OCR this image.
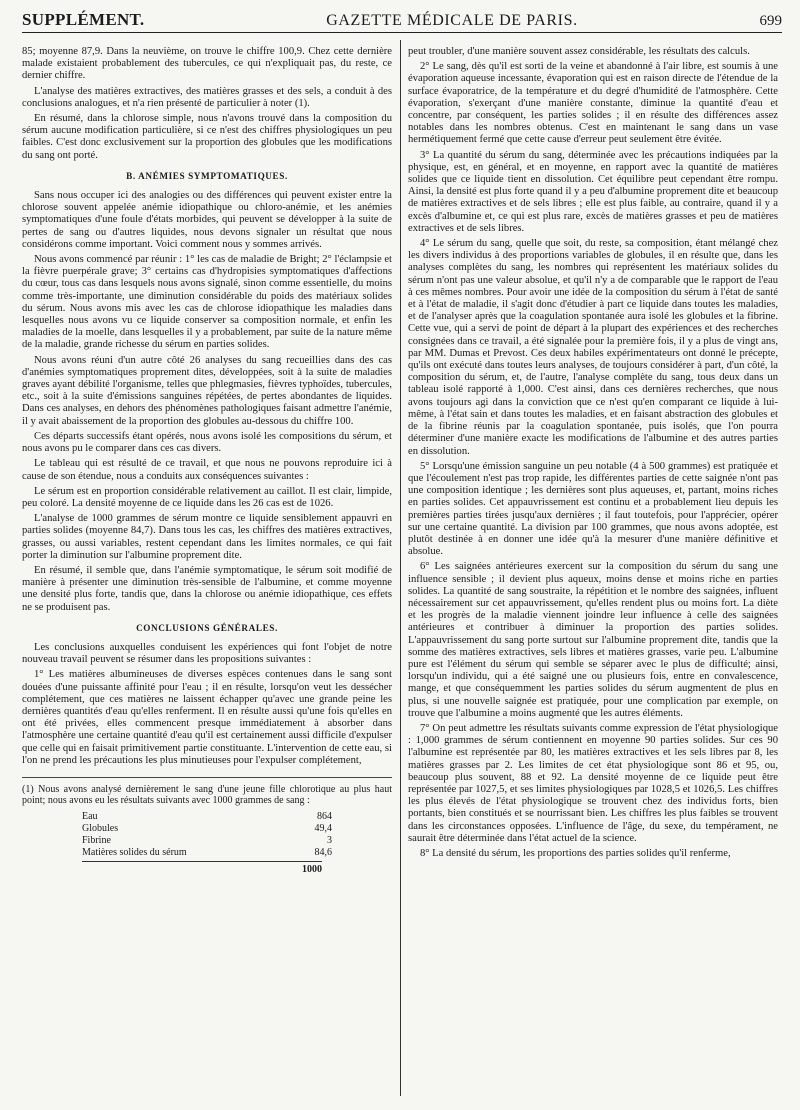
SUPPLÉMENT.	GAZETTE MÉDICALE DE PARIS.	699

85; moyenne 87,9. Dans la neuvième, on trouve le chiffre 100,9. Chez cette dernière malade existaient probablement des tubercules, ce qui n'expliquait pas, du reste, ce dernier chiffre.

L'analyse des matières extractives, des matières grasses et des sels, a conduit à des conclusions analogues, et n'a rien présenté de particulier à noter (1).

En résumé, dans la chlorose simple, nous n'avons trouvé dans la composition du sérum aucune modification particulière, si ce n'est des chiffres physiologiques un peu faibles. C'est donc exclusivement sur la proportion des globules que les modifications du sang ont porté.

B. ANÉMIES SYMPTOMATIQUES.

Sans nous occuper ici des analogies ou des différences qui peuvent exister entre la chlorose souvent appelée anémie idiopathique ou chloro-anémie, et les anémies symptomatiques d'une foule d'états morbides, qui peuvent se développer à la suite de pertes de sang ou d'autres liquides, nous devons signaler un résultat que nous considérons comme important. Voici comment nous y sommes arrivés.

Nous avons commencé par réunir : 1° les cas de maladie de Bright; 2° l'éclampsie et la fièvre puerpérale grave; 3° certains cas d'hydropisies symptomatiques d'affections du cœur, tous cas dans lesquels nous avons signalé, sinon comme essentielle, du moins comme très-importante, une diminution considérable du poids des matériaux solides du sérum. Nous avons mis avec les cas de chlorose idiopathique les maladies dans lesquelles nous avons vu ce liquide conserver sa composition normale, et enfin les maladies de la moelle, dans lesquelles il y a probablement, par suite de la nature même de la maladie, grande richesse du sérum en parties solides.

Nous avons réuni d'un autre côté 26 analyses du sang recueillies dans des cas d'anémies symptomatiques proprement dites, développées, soit à la suite de maladies graves ayant débilité l'organisme, telles que phlegmasies, fièvres typhoïdes, tubercules, etc., soit à la suite d'émissions sanguines répétées, de pertes abondantes de liquides. Dans ces analyses, en dehors des phénomènes pathologiques faisant admettre l'anémie, il y avait abaissement de la proportion des globules au-dessous du chiffre 100.

Ces départs successifs étant opérés, nous avons isolé les compositions du sérum, et nous avons pu le comparer dans ces cas divers.

Le tableau qui est résulté de ce travail, et que nous ne pouvons reproduire ici à cause de son étendue, nous a conduits aux conséquences suivantes :

Le sérum est en proportion considérable relativement au caillot. Il est clair, limpide, peu coloré. La densité moyenne de ce liquide dans les 26 cas est de 1026.

L'analyse de 1000 grammes de sérum montre ce liquide sensiblement appauvri en parties solides (moyenne 84,7). Dans tous les cas, les chiffres des matières extractives, grasses, ou aussi variables, restent cependant dans les limites normales, ce qui fait porter la diminution sur l'albumine proprement dite.

En résumé, il semble que, dans l'anémie symptomatique, le sérum soit modifié de manière à présenter une diminution très-sensible de l'albumine, et comme moyenne une densité plus forte, tandis que, dans la chlorose ou anémie idiopathique, ces effets ne se produisent pas.

CONCLUSIONS GÉNÉRALES.

Les conclusions auxquelles conduisent les expériences qui font l'objet de notre nouveau travail peuvent se résumer dans les propositions suivantes :

1° Les matières albumineuses de diverses espèces contenues dans le sang sont douées d'une puissante affinité pour l'eau ; il en résulte, lorsqu'on veut les dessécher complétement, que ces matières ne laissent échapper qu'avec une grande peine les dernières quantités d'eau qu'elles renferment. Il en résulte aussi qu'une fois qu'elles en ont été privées, elles commencent presque immédiatement à absorber dans l'atmosphère une certaine quantité d'eau qu'il est certainement aussi difficile d'expulser que celle qui en faisait primitivement partie constituante. L'intervention de cette eau, si l'on ne prend les précautions les plus minutieuses pour l'expulser complétement,

(1) Nous avons analysé dernièrement le sang d'une jeune fille chlorotique au plus haut point; nous avons eu les résultats suivants avec 1000 grammes de sang :

Eau	864
Globules	49,4
Fibrine	3
Matières solides du sérum	84,6
1000

peut troubler, d'une manière souvent assez considérable, les résultats des calculs.

2° Le sang, dès qu'il est sorti de la veine et abandonné à l'air libre, est soumis à une évaporation aqueuse incessante, évaporation qui est en raison directe de l'étendue de la surface évaporatrice, de la température et du degré d'humidité de l'atmosphère. Cette évaporation, s'exerçant d'une manière constante, diminue la quantité d'eau et concentre, par conséquent, les parties solides ; il en résulte des différences assez notables dans les nombres obtenus. C'est en maintenant le sang dans un vase hermétiquement fermé que cette cause d'erreur peut seulement être évitée.

3° La quantité du sérum du sang, déterminée avec les précautions indiquées par la physique, est, en général, et en moyenne, en rapport avec la quantité de matières solides que ce liquide tient en dissolution. Cet équilibre peut cependant être rompu. Ainsi, la densité est plus forte quand il y a peu d'albumine proprement dite et beaucoup de matières extractives et de sels libres ; elle est plus faible, au contraire, quand il y a excès d'albumine et, ce qui est plus rare, excès de matières grasses et peu de matières extractives et de sels libres.

4° Le sérum du sang, quelle que soit, du reste, sa composition, étant mélangé chez les divers individus à des proportions variables de globules, il en résulte que, dans les analyses complètes du sang, les nombres qui représentent les matériaux solides du sérum n'ont pas une valeur absolue, et qu'il n'y a de comparable que le rapport de l'eau à ces mêmes nombres. Pour avoir une idée de la composition du sérum à l'état de santé et à l'état de maladie, il s'agit donc d'étudier à part ce liquide dans toutes les maladies, et de l'analyser après que la coagulation spontanée aura isolé les globules et la fibrine. Cette vue, qui a servi de point de départ à la plupart des expériences et des recherches consignées dans ce travail, a été signalée pour la première fois, il y a plus de vingt ans, par MM. Dumas et Prevost. Ces deux habiles expérimentateurs ont donné le précepte, qu'ils ont exécuté dans toutes leurs analyses, de toujours considérer à part, d'un côté, la composition du sérum, et, de l'autre, l'analyse complète du sang, tous deux dans un tableau isolé rapporté à 1,000. C'est ainsi, dans ces dernières recherches, que nous avons toujours agi dans la conviction que ce n'est qu'en comparant ce liquide à lui-même, à l'état sain et dans toutes les maladies, et en faisant abstraction des globules et de la fibrine réunis par la coagulation spontanée, puis isolés, que l'on pourra déterminer d'une manière exacte les modifications de l'albumine et des autres parties en dissolution.

5° Lorsqu'une émission sanguine un peu notable (4 à 500 grammes) est pratiquée et que l'écoulement n'est pas trop rapide, les différentes parties de cette saignée n'ont pas une composition identique ; les dernières sont plus aqueuses, et, partant, moins riches en parties solides. Cet appauvrissement est continu et a probablement lieu depuis les premières parties tirées jusqu'aux dernières ; il faut toutefois, pour l'apprécier, opérer sur une certaine quantité. La division par 100 grammes, que nous avons adoptée, est plutôt destinée à en donner une idée qu'à la mesurer d'une manière définitive et absolue.

6° Les saignées antérieures exercent sur la composition du sérum du sang une influence sensible ; il devient plus aqueux, moins dense et moins riche en parties solides. La quantité de sang soustraite, la répétition et le nombre des saignées, influent nécessairement sur cet appauvrissement, qu'elles rendent plus ou moins fort. La diète et les progrès de la maladie viennent joindre leur influence à celle des saignées antérieures et contribuer à diminuer la proportion des parties solides. L'appauvrissement du sang porte surtout sur l'albumine proprement dite, tandis que la somme des matières extractives, sels libres et matières grasses, varie peu. L'albumine pure est l'élément du sérum qui semble se séparer avec le plus de difficulté; ainsi, lorsqu'un individu, qui a été saigné une ou plusieurs fois, entre en convalescence, mange, et que conséquemment les parties solides du sérum augmentent de plus en plus, si une nouvelle saignée est pratiquée, pour une complication par exemple, on trouve que l'albumine a moins augmenté que les autres éléments.

7° On peut admettre les résultats suivants comme expression de l'état physiologique : 1,000 grammes de sérum contiennent en moyenne 90 parties solides. Sur ces 90 l'albumine est représentée par 80, les matières extractives et les sels libres par 8, les matières grasses par 2. Les limites de cet état physiologique sont 86 et 95, ou, beaucoup plus souvent, 88 et 92. La densité moyenne de ce liquide peut être représentée par 1027,5, et ses limites physiologiques par 1028,5 et 1026,5. Les chiffres les plus élevés de l'état physiologique se trouvent chez des individus forts, bien portants, bien constitués et se nourrissant bien. Les chiffres les plus faibles se trouvent dans les circonstances opposées. L'influence de l'âge, du sexe, du tempérament, ne saurait être déterminée dans l'état actuel de la science.

8° La densité du sérum, les proportions des parties solides qu'il renferme,
